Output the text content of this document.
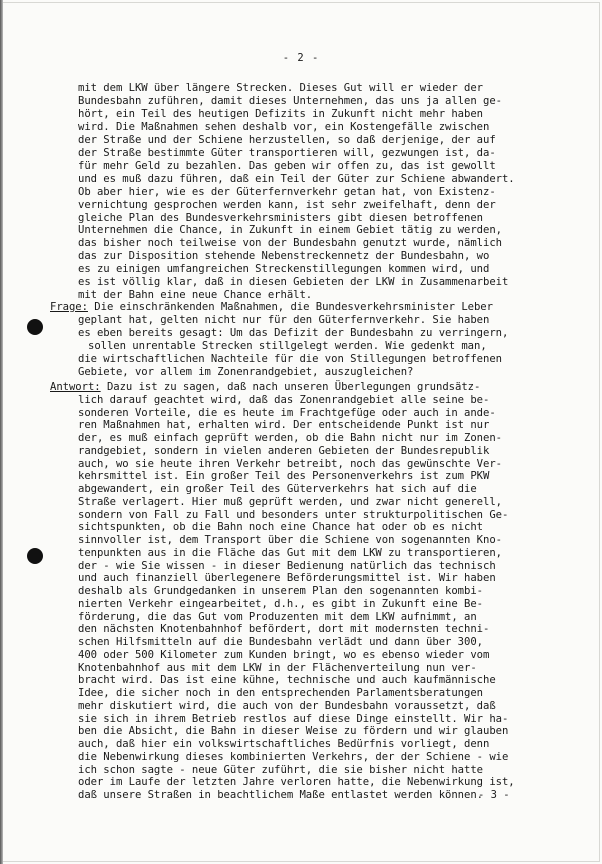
- 2 -
mit dem LKW über längere Strecken. Dieses Gut will er wieder der
Bundesbahn zuführen, damit dieses Unternehmen, das uns ja allen ge-
hört, ein Teil des heutigen Defizits in Zukunft nicht mehr haben
wird. Die Maßnahmen sehen deshalb vor, ein Kostengefälle zwischen
der Straße und der Schiene herzustellen, so daß derjenige, der auf
der Straße bestimmte Güter transportieren will, gezwungen ist, da-
für mehr Geld zu bezahlen. Das geben wir offen zu, das ist gewollt
und es muß dazu führen, daß ein Teil der Güter zur Schiene abwandert.
Ob aber hier, wie es der Güterfernverkehr getan hat, von Existenz-
vernichtung gesprochen werden kann, ist sehr zweifelhaft, denn der
gleiche Plan des Bundesverkehrsministers gibt diesen betroffenen
Unternehmen die Chance, in Zukunft in einem Gebiet tätig zu werden,
das bisher noch teilweise von der Bundesbahn genutzt wurde, nämlich
das zur Disposition stehende Nebenstreckennetz der Bundesbahn, wo
es zu einigen umfangreichen Streckenstillegungen kommen wird, und
es ist völlig klar, daß in diesen Gebieten der LKW in Zusammenarbeit
mit der Bahn eine neue Chance erhält.
Frage: Die einschränkenden Maßnahmen, die Bundesverkehrsminister Leber
geplant hat, gelten nicht nur für den Güterfernverkehr. Sie haben
es eben bereits gesagt: Um das Defizit der Bundesbahn zu verringern,
sollen unrentable Strecken stillgelegt werden. Wie gedenkt man,
die wirtschaftlichen Nachteile für die von Stillegungen betroffenen
Gebiete, vor allem im Zonenrandgebiet, auszugleichen?
Antwort: Dazu ist zu sagen, daß nach unseren Überlegungen grundsätz-
lich darauf geachtet wird, daß das Zonenrandgebiet alle seine be-
sonderen Vorteile, die es heute im Frachtgefüge oder auch in ande-
ren Maßnahmen hat, erhalten wird. Der entscheidende Punkt ist nur
der, es muß einfach geprüft werden, ob die Bahn nicht nur im Zonen-
randgebiet, sondern in vielen anderen Gebieten der Bundesrepublik
auch, wo sie heute ihren Verkehr betreibt, noch das gewünschte Ver-
kehrsmittel ist. Ein großer Teil des Personenverkehrs ist zum PKW
abgewandert, ein großer Teil des Güterverkehrs hat sich auf die
Straße verlagert. Hier muß geprüft werden, und zwar nicht generell,
sondern von Fall zu Fall und besonders unter strukturpolitischen Ge-
sichtspunkten, ob die Bahn noch eine Chance hat oder ob es nicht
sinnvoller ist, dem Transport über die Schiene von sogenannten Kno-
tenpunkten aus in die Fläche das Gut mit dem LKW zu transportieren,
der - wie Sie wissen - in dieser Bedienung natürlich das technisch
und auch finanziell überlegenere Beförderungsmittel ist. Wir haben
deshalb als Grundgedanken in unserem Plan den sogenannten kombi-
nierten Verkehr eingearbeitet, d.h., es gibt in Zukunft eine Be-
förderung, die das Gut vom Produzenten mit dem LKW aufnimmt, an
den nächsten Knotenbahnhof befördert, dort mit modernsten techni-
schen Hilfsmitteln auf die Bundesbahn verlädt und dann über 300,
400 oder 500 Kilometer zum Kunden bringt, wo es ebenso wieder vom
Knotenbahnhof aus mit dem LKW in der Flächenverteilung nun ver-
bracht wird. Das ist eine kühne, technische und auch kaufmännische
Idee, die sicher noch in den entsprechenden Parlamentsberatungen
mehr diskutiert wird, die auch von der Bundesbahn voraussetzt, daß
sie sich in ihrem Betrieb restlos auf diese Dinge einstellt. Wir ha-
ben die Absicht, die Bahn in dieser Weise zu fördern und wir glauben
auch, daß hier ein volkswirtschaftliches Bedürfnis vorliegt, denn
die Nebenwirkung dieses kombinierten Verkehrs, der der Schiene - wie
ich schon sagte - neue Güter zuführt, die sie bisher nicht hatte
oder im Laufe der letzten Jahre verloren hatte, die Nebenwirkung ist,
daß unsere Straßen in beachtlichem Maße entlastet werden können.
- 3 -
